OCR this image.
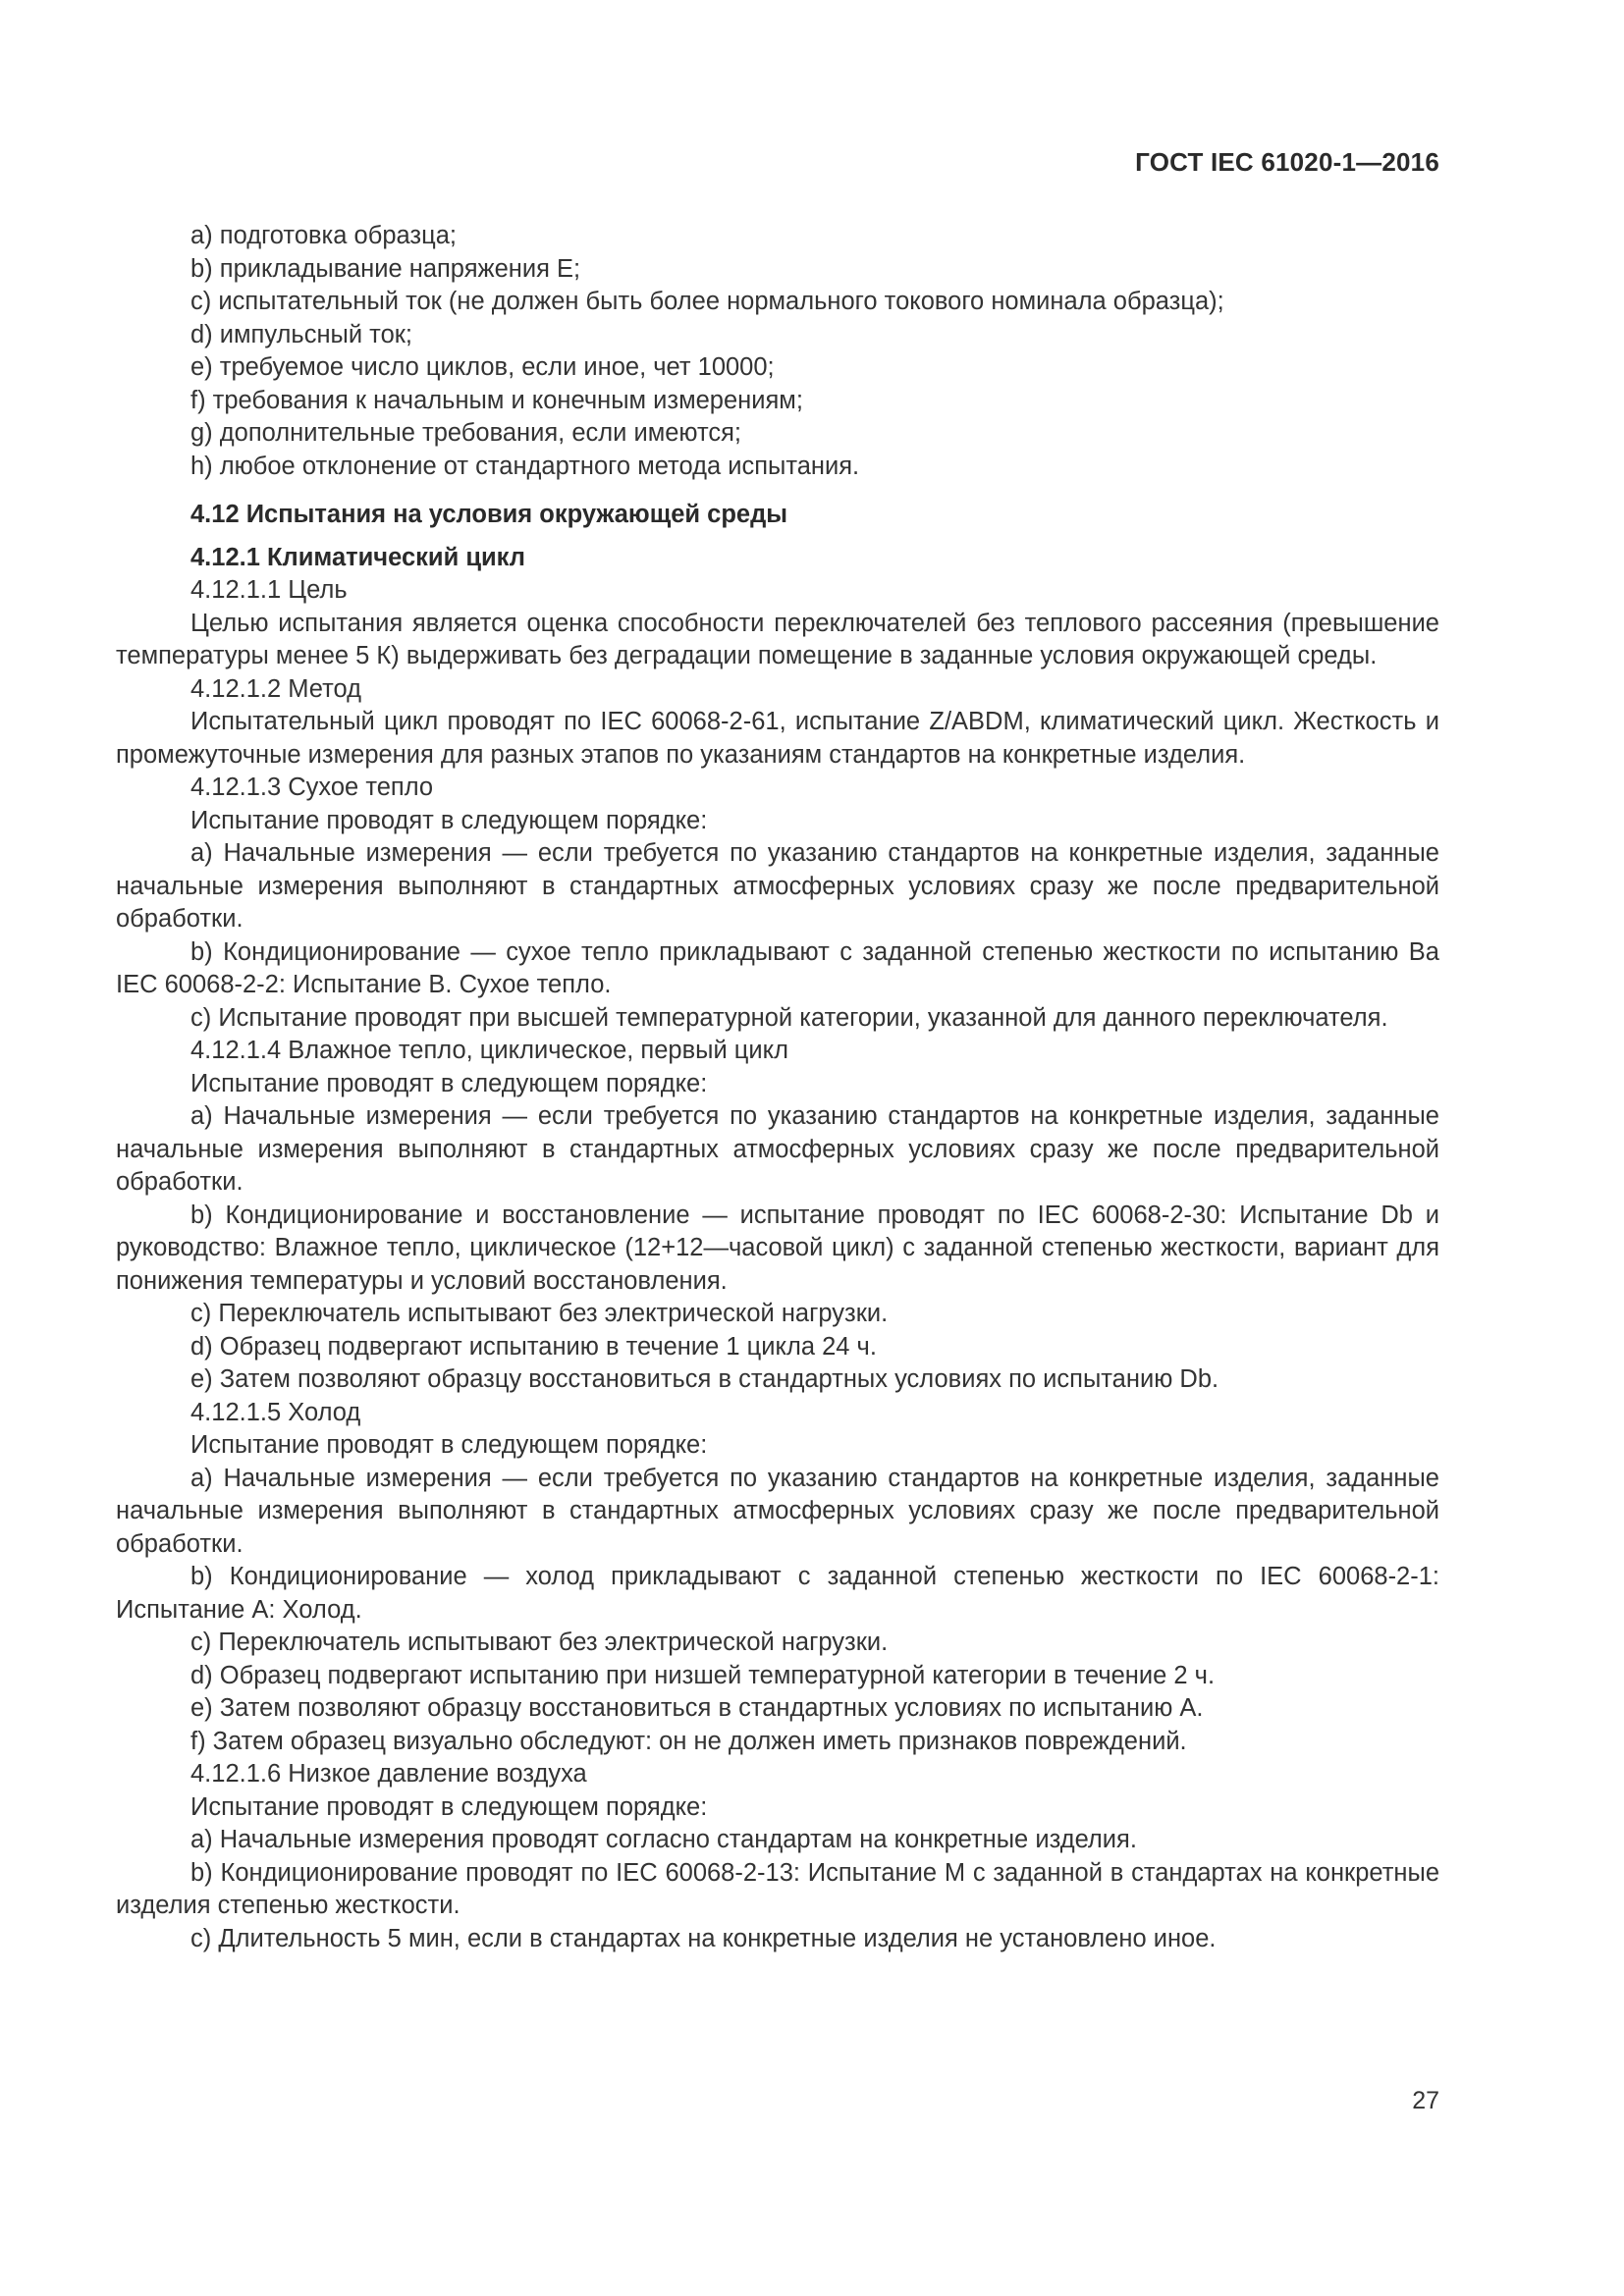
ГОСТ IEC 61020-1—2016

а) подготовка образца;

b) прикладывание напряжения E;

c) испытательный ток (не должен быть более нормального токового номинала образца);

d) импульсный ток;

e) требуемое число циклов, если иное, чет 10000;

f) требования к начальным и конечным измерениям;

g) дополнительные требования, если имеются;

h) любое отклонение от стандартного метода испытания.

4.12 Испытания на условия окружающей среды

4.12.1 Климатический цикл

4.12.1.1 Цель

Целью испытания является оценка способности переключателей без теплового рассеяния (превышение температуры менее 5 К) выдерживать без деградации помещение в заданные условия окружающей среды.

4.12.1.2 Метод

Испытательный цикл проводят по IEC 60068-2-61, испытание Z/ABDM, климатический цикл. Жесткость и промежуточные измерения для разных этапов по указаниям стандартов на конкретные изделия.

4.12.1.3 Сухое тепло

Испытание проводят в следующем порядке:

а) Начальные измерения — если требуется по указанию стандартов на конкретные изделия, заданные начальные измерения выполняют в стандартных атмосферных условиях сразу же после предварительной обработки.

b) Кондиционирование — сухое тепло прикладывают с заданной степенью жесткости по испытанию Ba IEC 60068-2-2: Испытание В. Сухое тепло.

c) Испытание проводят при высшей температурной категории, указанной для данного переключателя.

4.12.1.4 Влажное тепло, циклическое, первый цикл

Испытание проводят в следующем порядке:

а) Начальные измерения — если требуется по указанию стандартов на конкретные изделия, заданные начальные измерения выполняют в стандартных атмосферных условиях сразу же после предварительной обработки.

b) Кондиционирование и восстановление — испытание проводят по IEC 60068-2-30: Испытание Db и руководство: Влажное тепло, циклическое (12+12—часовой цикл) с заданной степенью жесткости, вариант для понижения температуры и условий восстановления.

c) Переключатель испытывают без электрической нагрузки.

d) Образец подвергают испытанию в течение 1 цикла 24 ч.

e) Затем позволяют образцу восстановиться в стандартных условиях по испытанию Db.

4.12.1.5 Холод

Испытание проводят в следующем порядке:

а) Начальные измерения — если требуется по указанию стандартов на конкретные изделия, заданные начальные измерения выполняют в стандартных атмосферных условиях сразу же после предварительной обработки.

b) Кондиционирование — холод прикладывают с заданной степенью жесткости по IEC 60068-2-1: Испытание А: Холод.

c) Переключатель испытывают без электрической нагрузки.

d) Образец подвергают испытанию при низшей температурной категории в течение 2 ч.

e) Затем позволяют образцу восстановиться в стандартных условиях по испытанию А.

f) Затем образец визуально обследуют: он не должен иметь признаков повреждений.

4.12.1.6 Низкое давление воздуха

Испытание проводят в следующем порядке:

а) Начальные измерения проводят согласно стандартам на конкретные изделия.

b) Кондиционирование проводят по IEC 60068-2-13: Испытание М с заданной в стандартах на конкретные изделия степенью жесткости.

c) Длительность 5 мин, если в стандартах на конкретные изделия не установлено иное.

27
